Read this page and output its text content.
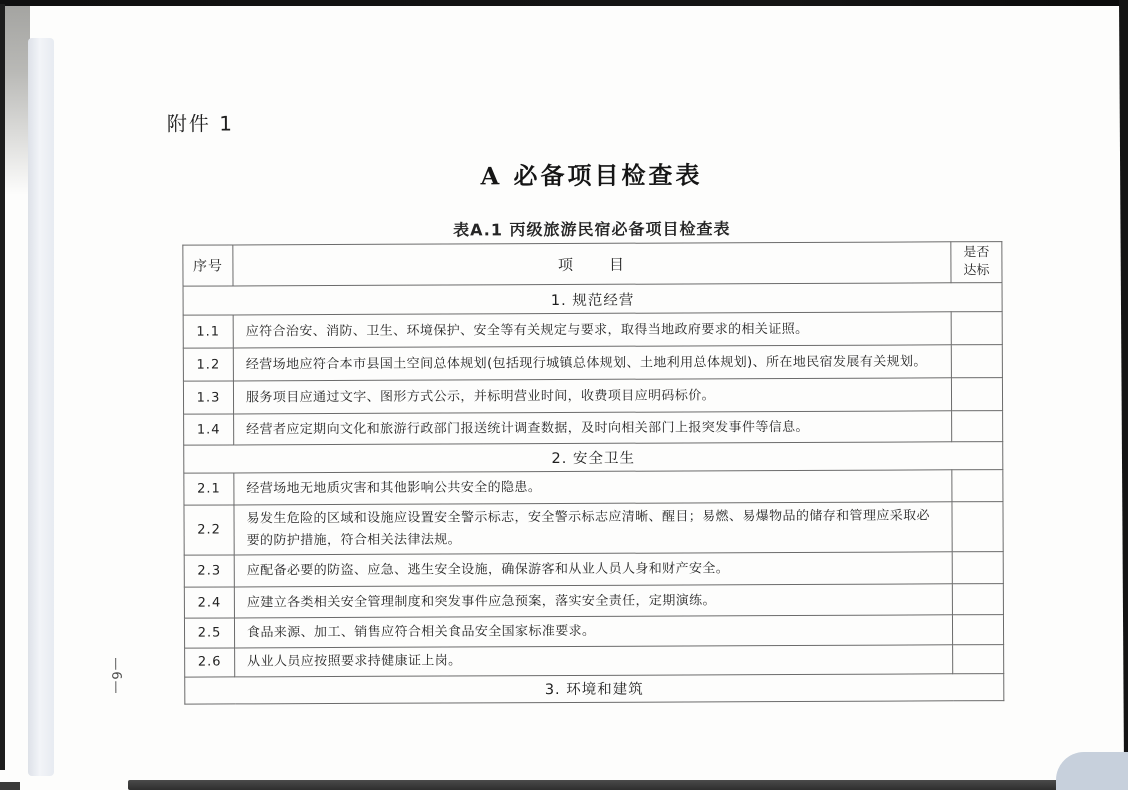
附件 1
A 必备项目检查表
表A.1 丙级旅游民宿必备项目检查表
序号	项　　目	是否
达标

1. 规范经营		
1.1	应符合治安、消防、卫生、环境保护、安全等有关规定与要求，取得当地政府要求的相关证照。	
1.2	经营场地应符合本市县国土空间总体规划(包括现行城镇总体规划、土地利用总体规划)、所在地民宿发展有关规划。	
1.3	服务项目应通过文字、图形方式公示，并标明营业时间，收费项目应明码标价。	
1.4	经营者应定期向文化和旅游行政部门报送统计调查数据，及时向相关部门上报突发事件等信息。	
2. 安全卫生		
2.1	经营场地无地质灾害和其他影响公共安全的隐患。	
2.2	易发生危险的区域和设施应设置安全警示标志，安全警示标志应清晰、醒目；易燃、易爆物品的储存和管理应采取必要的防护措施，符合相关法律法规。	
2.3	应配备必要的防盗、应急、逃生安全设施，确保游客和从业人员人身和财产安全。	
2.4	应建立各类相关安全管理制度和突发事件应急预案，落实安全责任，定期演练。	
2.5	食品来源、加工、销售应符合相关食品安全国家标准要求。	
2.6	从业人员应按照要求持健康证上岗。	
3. 环境和建筑		
—6—
